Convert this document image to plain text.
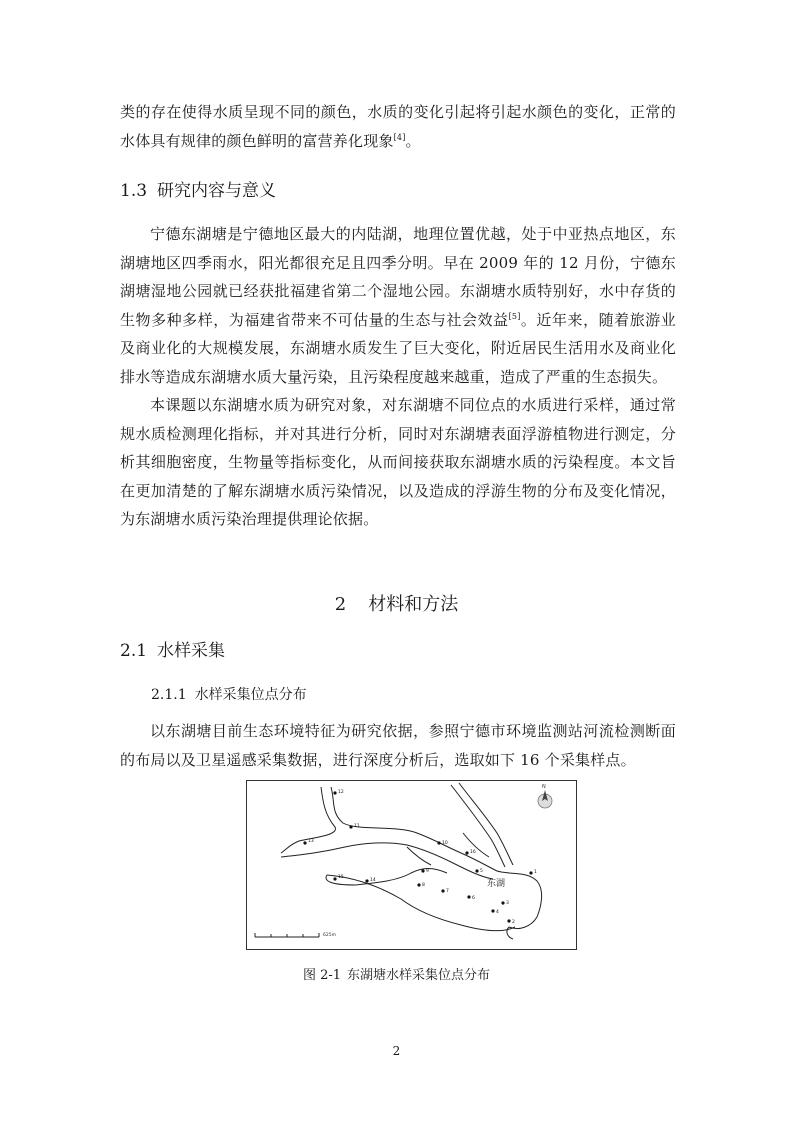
类的存在使得水质呈现不同的颜色，水质的变化引起将引起水颜色的变化，正常的水体具有规律的颜色鲜明的富营养化现象[4]。

1.3 研究内容与意义

宁德东湖塘是宁德地区最大的内陆湖，地理位置优越，处于中亚热点地区，东湖塘地区四季雨水，阳光都很充足且四季分明。早在 2009 年的 12 月份，宁德东湖塘湿地公园就已经获批福建省第二个湿地公园。东湖塘水质特别好，水中存货的生物多种多样，为福建省带来不可估量的生态与社会效益[5]。近年来，随着旅游业及商业化的大规模发展，东湖塘水质发生了巨大变化，附近居民生活用水及商业化排水等造成东湖塘水质大量污染，且污染程度越来越重，造成了严重的生态损失。

本课题以东湖塘水质为研究对象，对东湖塘不同位点的水质进行采样，通过常规水质检测理化指标，并对其进行分析，同时对东湖塘表面浮游植物进行测定，分析其细胞密度，生物量等指标变化，从而间接获取东湖塘水质的污染程度。本文旨在更加清楚的了解东湖塘水质污染情况，以及造成的浮游生物的分布及变化情况，为东湖塘水质污染治理提供理论依据。

2 材料和方法
2.1 水样采集
2.1.1 水样采集位点分布

以东湖塘目前生态环境特征为研究依据，参照宁德市环境监测站河流检测断面的布局以及卫星遥感采集数据，进行深度分析后，选取如下 16 个采集样点。

N
东湖
625m
1
2
3
4
5
6
7
8
9
10
11
12
13
14
15
16
图 2-1 东湖塘水样采集位点分布
2
